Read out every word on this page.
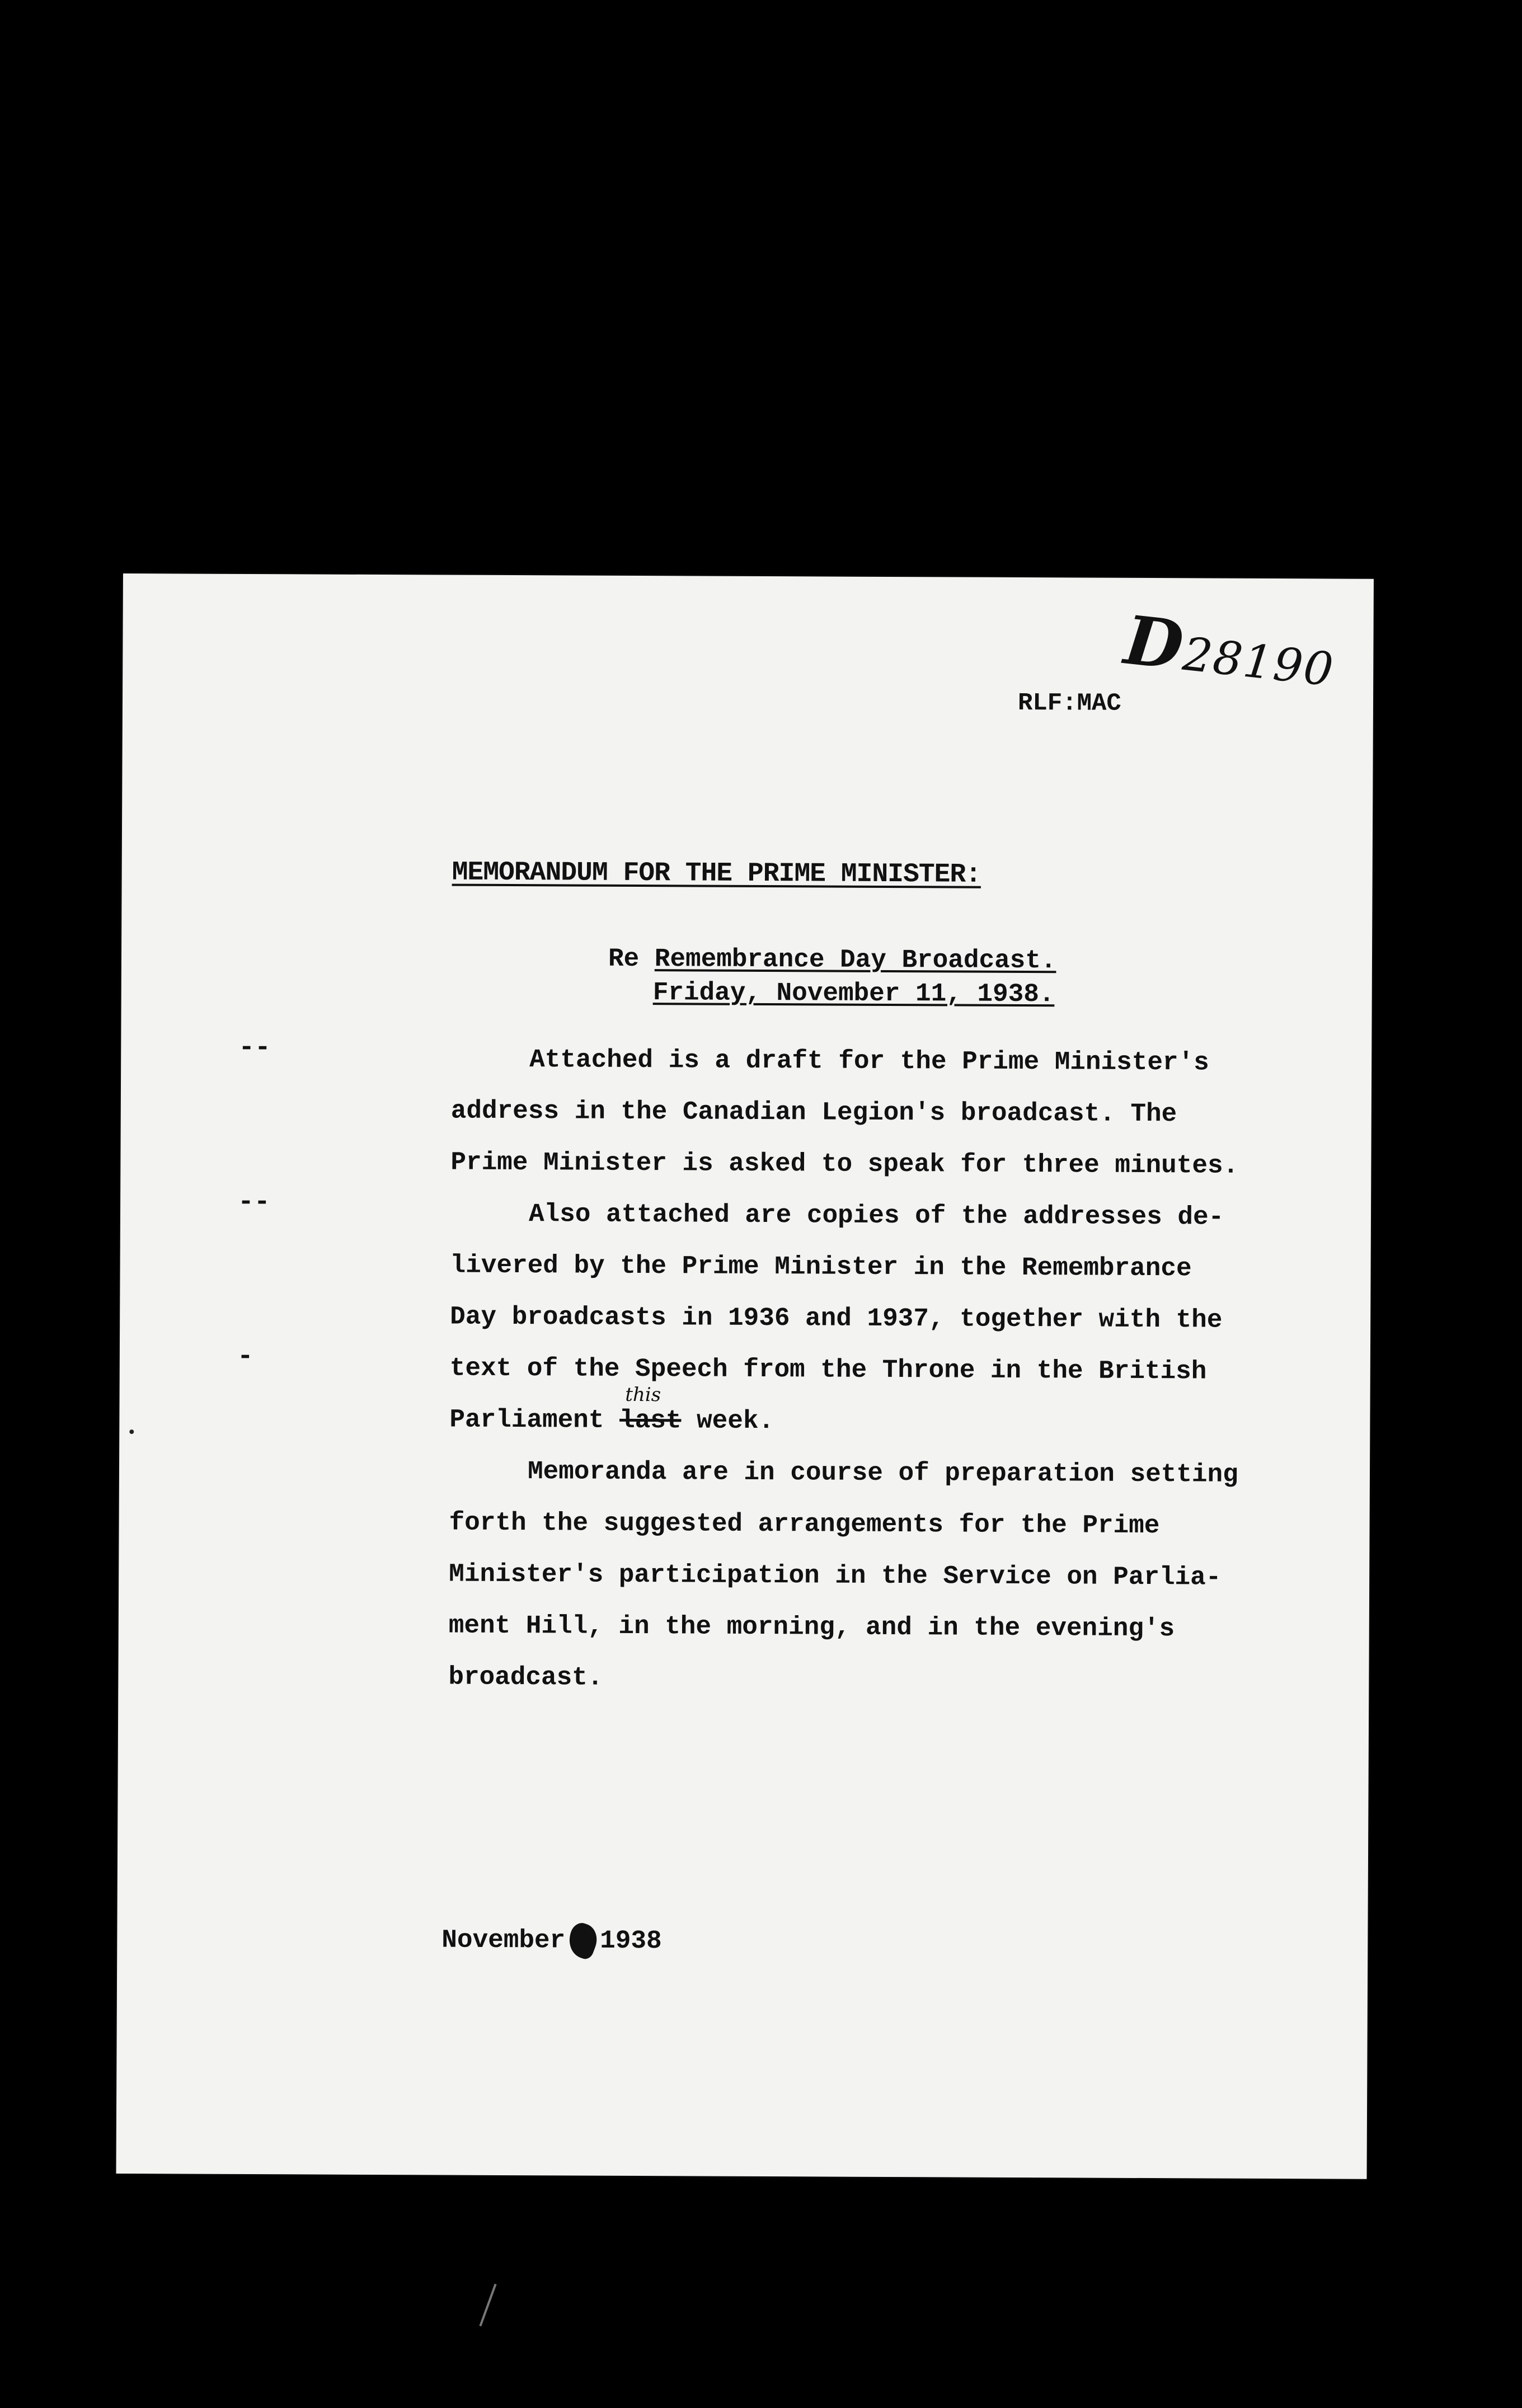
D28190
RLF:MAC
MEMORANDUM FOR THE PRIME MINISTER:
Re Remembrance Day Broadcast.
Friday, November 11, 1938.
--
--
-

Attached is a draft for the Prime Minister's
address in the Canadian Legion's broadcast. The
Prime Minister is asked to speak for three minutes.

Also attached are copies of the addresses de-
livered by the Prime Minister in the Remembrance
Day broadcasts in 1936 and 1937, together with the
text of the Speech from the Throne in the British
Parliament
this
last week.

Memoranda are in course of preparation setting
forth the suggested arrangements for the Prime
Minister's participation in the Service on Parlia-
ment Hill, in the morning, and in the evening's
broadcast.

November 1938
